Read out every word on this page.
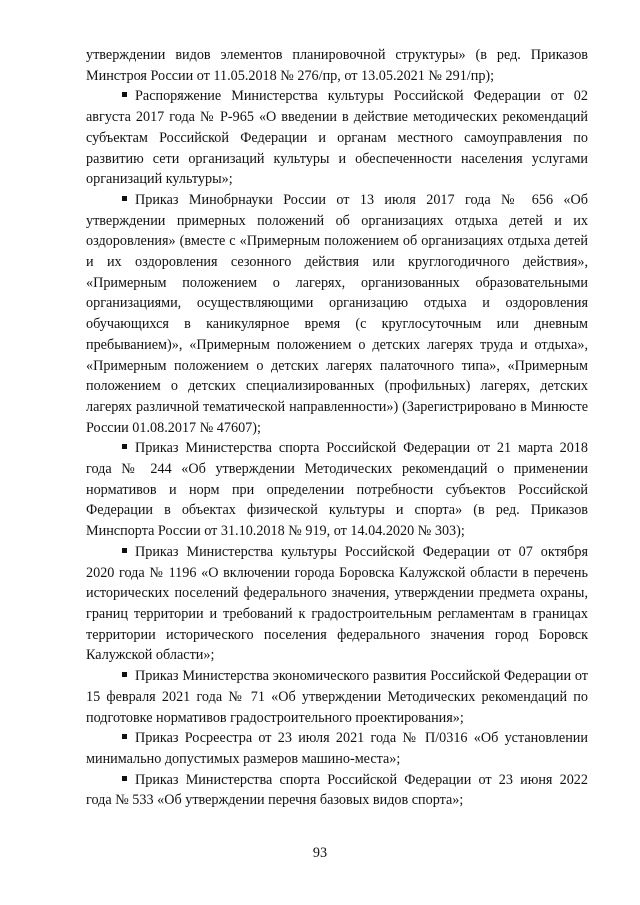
утверждении видов элементов планировочной структуры» (в ред. Приказов Минстроя России от 11.05.2018 № 276/пр, от 13.05.2021 № 291/пр);

Распоряжение Министерства культуры Российской Федерации от 02 августа 2017 года № Р-965 «О введении в действие методических рекомендаций субъектам Российской Федерации и органам местного самоуправления по развитию сети организаций культуры и обеспеченности населения услугами организаций культуры»;

Приказ Минобрнауки России от 13 июля 2017 года № 656 «Об утверждении примерных положений об организациях отдыха детей и их оздоровления» (вместе с «Примерным положением об организациях отдыха детей и их оздоровления сезонного действия или круглогодичного действия», «Примерным положением о лагерях, организованных образовательными организациями, осуществляющими организацию отдыха и оздоровления обучающихся в каникулярное время (с круглосуточным или дневным пребыванием)», «Примерным положением о детских лагерях труда и отдыха», «Примерным положением о детских лагерях палаточного типа», «Примерным положением о детских специализированных (профильных) лагерях, детских лагерях различной тематической направленности») (Зарегистрировано в Минюсте России 01.08.2017 № 47607);

Приказ Министерства спорта Российской Федерации от 21 марта 2018 года № 244 «Об утверждении Методических рекомендаций о применении нормативов и норм при определении потребности субъектов Российской Федерации в объектах физической культуры и спорта» (в ред. Приказов Минспорта России от 31.10.2018 № 919, от 14.04.2020 № 303);

Приказ Министерства культуры Российской Федерации от 07 октября 2020 года № 1196 «О включении города Боровска Калужской области в перечень исторических поселений федерального значения, утверждении предмета охраны, границ территории и требований к градостроительным регламентам в границах территории исторического поселения федерального значения город Боровск Калужской области»;

Приказ Министерства экономического развития Российской Федерации от 15 февраля 2021 года № 71 «Об утверждении Методических рекомендаций по подготовке нормативов градостроительного проектирования»;

Приказ Росреестра от 23 июля 2021 года № П/0316 «Об установлении минимально допустимых размеров машино-места»;

Приказ Министерства спорта Российской Федерации от 23 июня 2022 года № 533 «Об утверждении перечня базовых видов спорта»;

93
